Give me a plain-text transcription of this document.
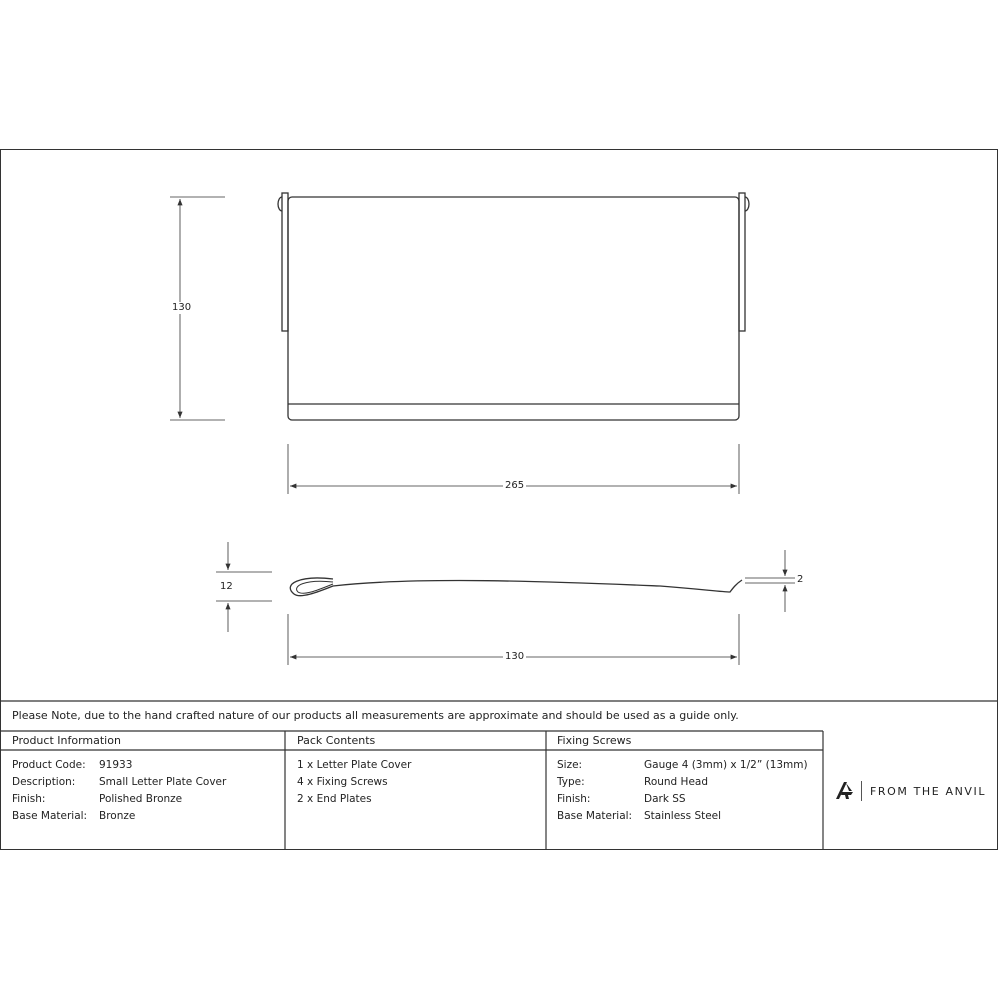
130
265
12
2
130
Please Note, due to the hand crafted nature of our products all measurements are approximate and should be used as a guide only.
Product Information	Pack Contents	Fixing Screws
Product Code:
Description:
Finish:
Base Material:
91933
Small Letter Plate Cover
Polished Bronze
Bronze
1 x Letter Plate Cover
4 x Fixing Screws
2 x End Plates
Size:
Type:
Finish:
Base Material:
Gauge 4 (3mm) x 1/2” (13mm)
Round Head
Dark SS
Stainless Steel
FROM THE ANVIL
